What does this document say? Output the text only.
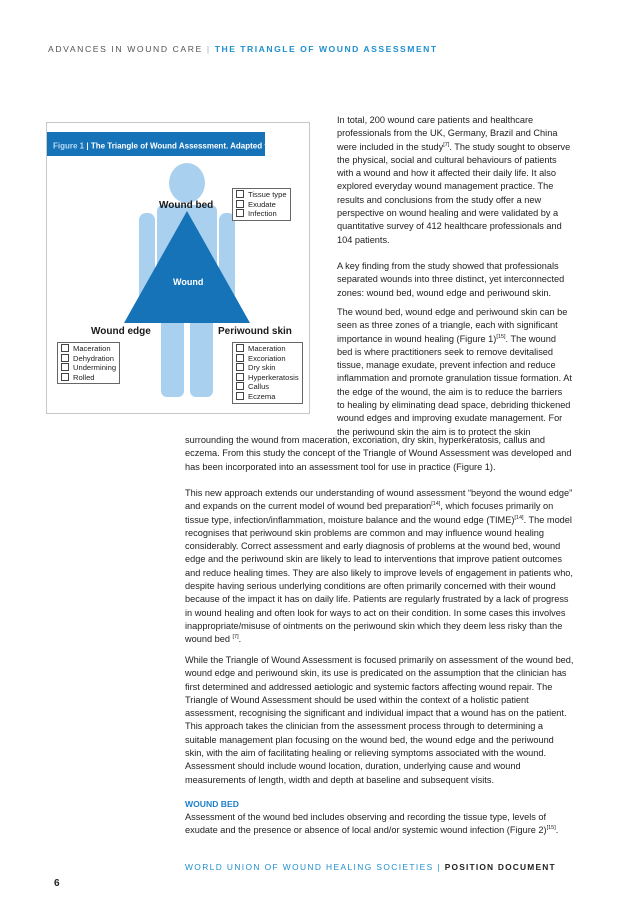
ADVANCES IN WOUND CARE | THE TRIANGLE OF WOUND ASSESSMENT
Figure 1 | The Triangle of Wound Assessment. Adapted from[13]
Wound bed
Wound
Wound edge	Periwound skin
Tissue type
Exudate
Infection
Maceration
Dehydration
Undermining
Rolled
Maceration
Excoriation
Dry skin
Hyperkeratosis
Callus
Eczema

In total, 200 wound care patients and healthcare professionals from the UK, Germany, Brazil and China were included in the study[7]. The study sought to observe the physical, social and cultural behaviours of patients with a wound and how it affected their daily life. It also explored everyday wound management practice. The results and conclusions from the study offer a new perspective on wound healing and were validated by a quantitative survey of 412 healthcare professionals and 104 patients.

A key finding from the study showed that professionals separated wounds into three distinct, yet interconnected zones: wound bed, wound edge and periwound skin.

The wound bed, wound edge and periwound skin can be seen as three zones of a triangle, each with significant importance in wound healing (Figure 1)[15]. The wound bed is where practitioners seek to remove devitalised tissue, manage exudate, prevent infection and reduce inflammation and promote granulation tissue formation. At the edge of the wound, the aim is to reduce the barriers to healing by eliminating dead space, debriding thickened wound edges and improving exudate management. For the periwound skin the aim is to protect the skin

surrounding the wound from maceration, excoriation, dry skin, hyperkeratosis, callus and eczema. From this study the concept of the Triangle of Wound Assessment was developed and has been incorporated into an assessment tool for use in practice (Figure 1).

This new approach extends our understanding of wound assessment “beyond the wound edge” and expands on the current model of wound bed preparation[14], which focuses primarily on tissue type, infection/inflammation, moisture balance and the wound edge (TIME)[14]. The model recognises that periwound skin problems are common and may influence wound healing considerably. Correct assessment and early diagnosis of problems at the wound bed, wound edge and the periwound skin are likely to lead to interventions that improve patient outcomes and reduce healing times. They are also likely to improve levels of engagement in patients who, despite having serious underlying conditions are often primarily concerned with their wound because of the impact it has on daily life. Patients are regularly frustrated by a lack of progress in wound healing and often look for ways to act on their condition. In some cases this involves inappropriate/misuse of ointments on the periwound skin which they deem less risky than the wound bed [7].

While the Triangle of Wound Assessment is focused primarily on assessment of the wound bed, wound edge and periwound skin, its use is predicated on the assumption that the clinician has first determined and addressed aetiologic and systemic factors affecting wound repair. The Triangle of Wound Assessment should be used within the context of a holistic patient assessment, recognising the significant and individual impact that a wound has on the patient. This approach takes the clinician from the assessment process through to determining a suitable management plan focusing on the wound bed, the wound edge and the periwound skin, with the aim of facilitating healing or relieving symptoms associated with the wound. Assessment should include wound location, duration, underlying cause and wound measurements of length, width and depth at baseline and subsequent visits.

WOUND BED

Assessment of the wound bed includes observing and recording the tissue type, levels of exudate and the presence or absence of local and/or systemic wound infection (Figure 2)[15].

WORLD UNION OF WOUND HEALING SOCIETIES | POSITION DOCUMENT
6
